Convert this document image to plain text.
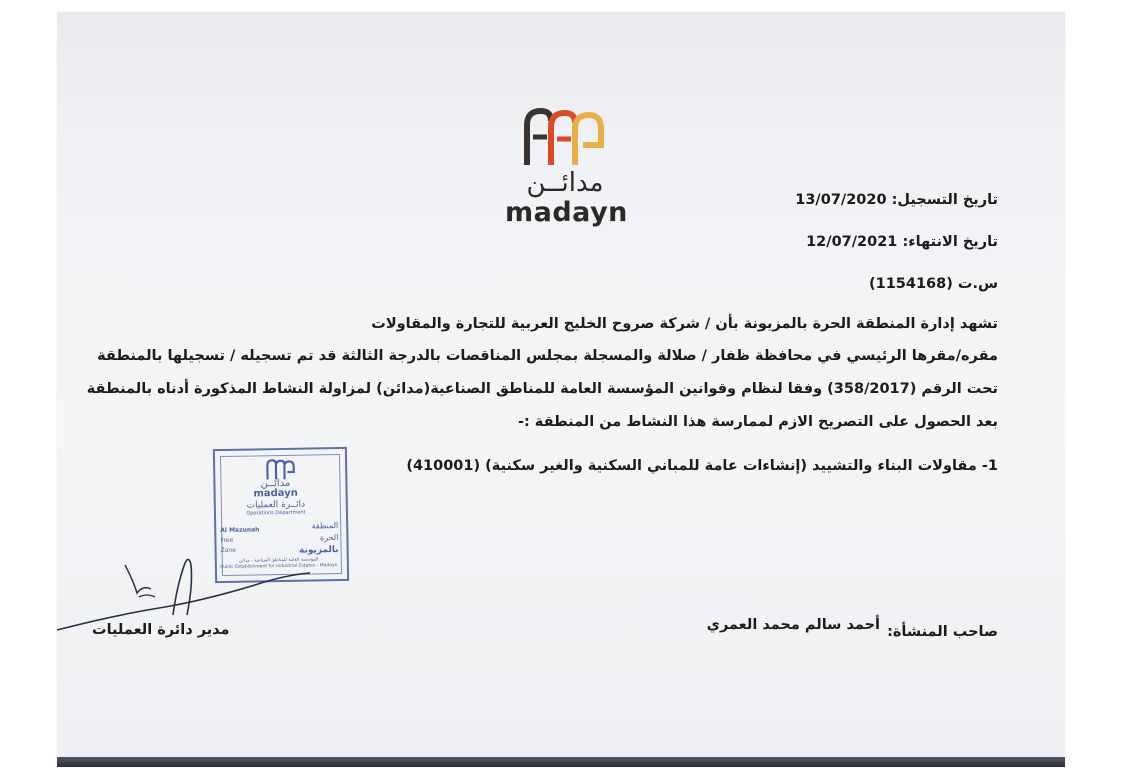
مدائــن
madayn	تاريخ التسجيل: 13/07/2020
تاريخ الانتهاء: 12/07/2021
س.ت (1154168)
تشهد إدارة المنطقة الحرة بالمزيونة بأن / شركة صروح الخليج العربية للتجارة والمقاولات
مقره/مقرها الرئيسي في محافظة ظفار / صلالة والمسجلة بمجلس المناقصات بالدرجة الثالثة قد تم تسجيله / تسجيلها بالمنطقة
تحت الرقم (358/2017) وفقا لنظام وقوانين المؤسسة العامة للمناطق الصناعية(مدائن) لمزاولة النشاط المذكورة أدناه بالمنطقة
بعد الحصول على التصريح الازم لممارسة هذا النشاط من المنطقة :-
1- مقاولات البناء والتشييد (إنشاءات عامة للمباني السكنية والغير سكنية) (410001)
صاحب المنشأة:
أحمد سالم محمد العمري
مدير دائرة العمليات
مدائــن
madayn
دائــرة العمليات
Operations Department
Al Mazunah
Free
Zone
المنطقة
الحرة
بالمزيونة
المؤسسة العامة للمناطق الصناعية - مدائن
Public Establishment for Industrial Estates - Madayn
